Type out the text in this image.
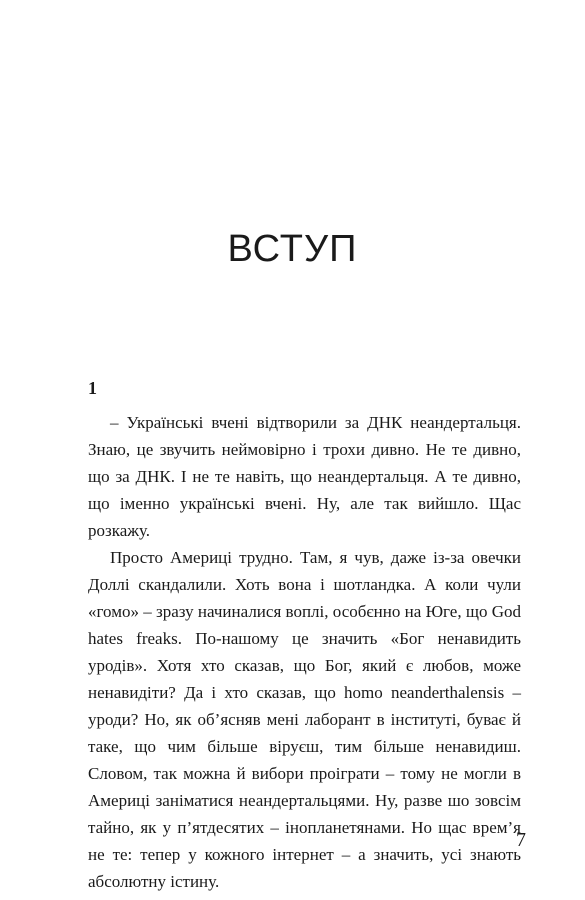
ВСТУП
1

– Українські вчені відтворили за ДНК неандертальця. Знаю, це звучить неймовірно і трохи дивно. Не те дивно, що за ДНК. І не те навіть, що неандертальця. А те дивно, що іменно українські вчені. Ну, але так вийшло. Щас розкажу.

Просто Америці трудно. Там, я чув, даже із-за овечки Доллі скандалили. Хоть вона і шотландка. А коли чули «гомо» – зразу начиналися воплі, особєнно на Юге, що God hates freaks. По-нашому це значить «Бог ненавидить уродів». Хотя хто сказав, що Бог, який є любов, може ненавидіти? Да і хто сказав, що homo neanderthalensis – уроди? Но, як об’ясняв мені лаборант в інституті, буває й таке, що чим більше віруєш, тим більше ненавидиш. Словом, так можна й вибори проіграти – тому не могли в Америці заніматися неандертальцями. Ну, разве шо зовсім тайно, як у п’ятдесятих – інопланетянами. Но щас врем’я не те: тепер у кожного інтернет – а значить, усі знають абсолютну істину.

7
